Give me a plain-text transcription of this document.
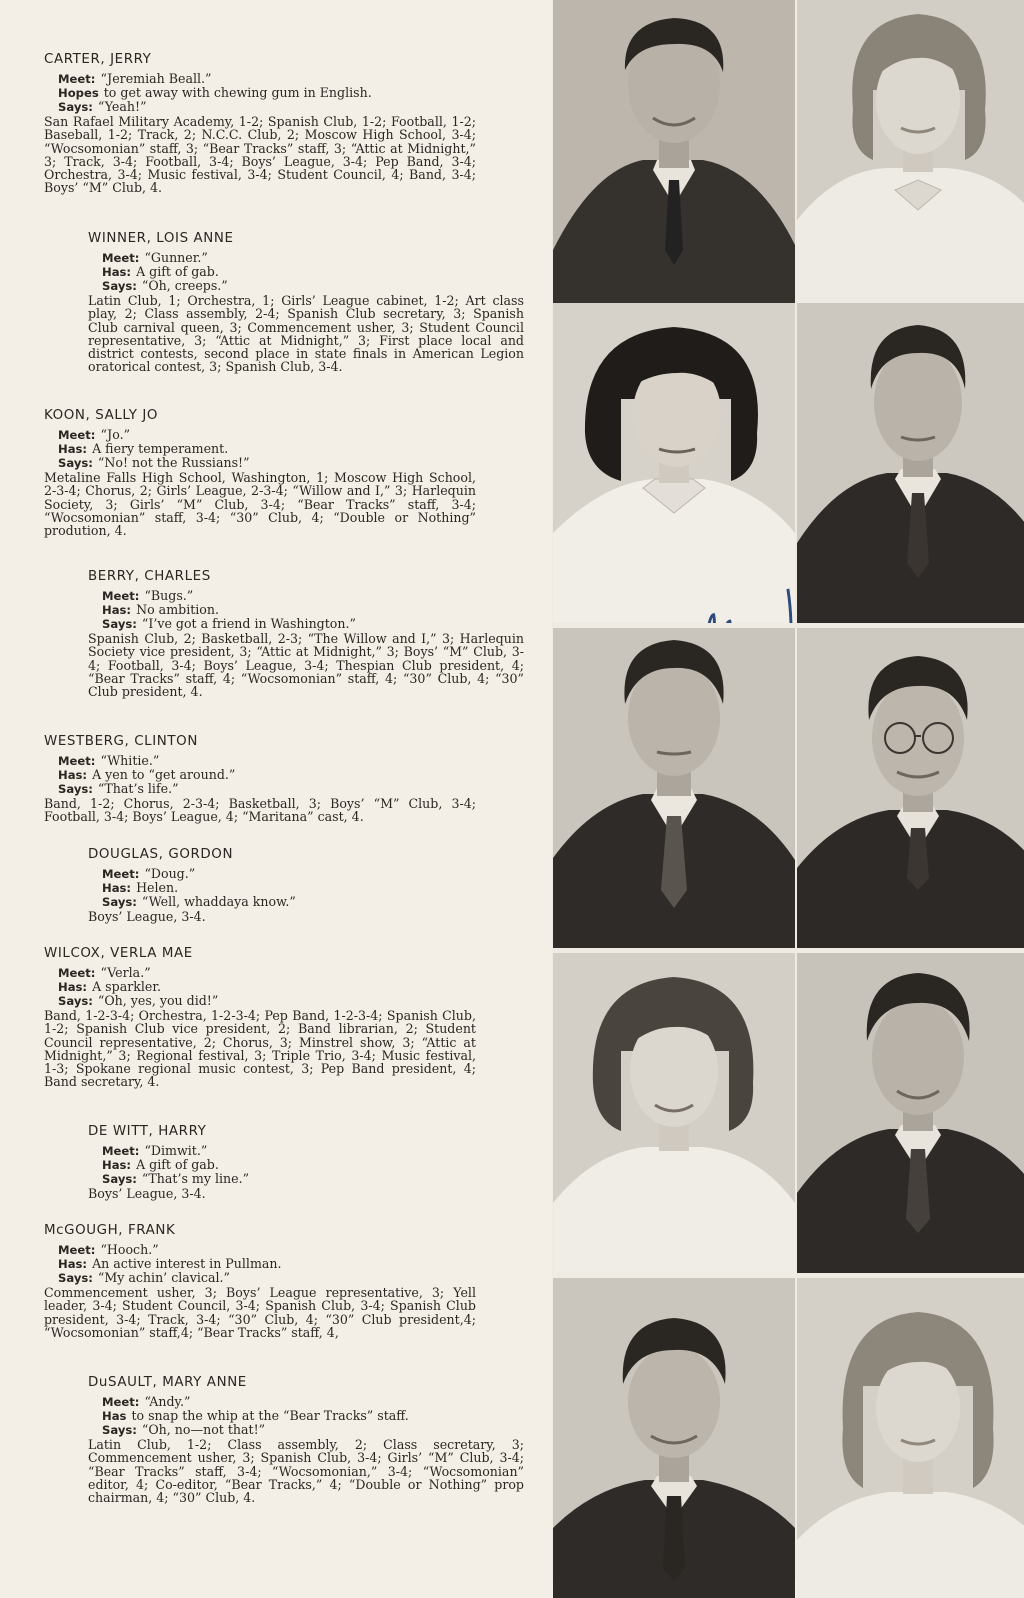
CARTER, JERRY
Meet: “Jeremiah Beall.”
Hopes to get away with chewing gum in English.
Says: “Yeah!”
San Rafael Military Academy, 1-2; Spanish Club, 1-2; Football, 1-2; Baseball, 1-2; Track, 2; N.C.C. Club, 2; Moscow High School, 3-4; “Wocsomonian” staff, 3; “Bear Tracks” staff, 3; “Attic at Midnight,” 3; Track, 3-4; Football, 3-4; Boys’ League, 3-4; Pep Band, 3-4; Orchestra, 3-4; Music festival, 3-4; Student Council, 4; Band, 3-4; Boys’ “M” Club, 4.
WINNER, LOIS ANNE
Meet: “Gunner.”
Has: A gift of gab.
Says: “Oh, creeps.”
Latin Club, 1; Orchestra, 1; Girls’ League cabinet, 1-2; Art class play, 2; Class assembly, 2-4; Spanish Club secretary, 3; Spanish Club carnival queen, 3; Commencement usher, 3; Student Council representative, 3; “Attic at Midnight,” 3; First place local and district contests, second place in state finals in American Legion oratorical contest, 3; Spanish Club, 3-4.
KOON, SALLY JO
Meet: “Jo.”
Has: A fiery temperament.
Says: “No! not the Russians!”
Metaline Falls High School, Washington, 1; Moscow High School, 2-3-4; Chorus, 2; Girls’ League, 2-3-4; “Willow and I,” 3; Harlequin Society, 3; Girls’ “M” Club, 3-4; “Bear Tracks” staff, 3-4; “Wocsomonian” staff, 3-4; “30” Club, 4; “Double or Nothing” prodution, 4.
BERRY, CHARLES
Meet: “Bugs.”
Has: No ambition.
Says: “I’ve got a friend in Washington.”
Spanish Club, 2; Basketball, 2-3; “The Willow and I,” 3; Harlequin Society vice president, 3; “Attic at Midnight,” 3; Boys’ “M” Club, 3-4; Football, 3-4; Boys’ League, 3-4; Thespian Club president, 4; “Bear Tracks” staff, 4; “Wocsomonian” staff, 4; “30” Club, 4; “30” Club president, 4.
WESTBERG, CLINTON
Meet: “Whitie.”
Has: A yen to “get around.”
Says: “That’s life.”
Band, 1-2; Chorus, 2-3-4; Basketball, 3; Boys’ “M” Club, 3-4; Football, 3-4; Boys’ League, 4; “Maritana” cast, 4.
DOUGLAS, GORDON
Meet: “Doug.”
Has: Helen.
Says: “Well, whaddaya know.”
Boys’ League, 3-4.
WILCOX, VERLA MAE
Meet: “Verla.”
Has: A sparkler.
Says: “Oh, yes, you did!”
Band, 1-2-3-4; Orchestra, 1-2-3-4; Pep Band, 1-2-3-4; Spanish Club, 1-2; Spanish Club vice president, 2; Band librarian, 2; Student Council representative, 2; Chorus, 3; Minstrel show, 3; “Attic at Midnight,” 3; Regional festival, 3; Triple Trio, 3-4; Music festival, 1-3; Spokane regional music contest, 3; Pep Band president, 4; Band secretary, 4.
DE WITT, HARRY
Meet: “Dimwit.”
Has: A gift of gab.
Says: “That’s my line.”
Boys’ League, 3-4.
McGOUGH, FRANK
Meet: “Hooch.”
Has: An active interest in Pullman.
Says: “My achin’ clavical.”
Commencement usher, 3; Boys’ League representative, 3; Yell leader, 3-4; Student Council, 3-4; Spanish Club, 3-4; Spanish Club president, 3-4; Track, 3-4; “30” Club, 4; “30” Club president,4; “Wocsomonian” staff,4; “Bear Tracks” staff, 4,
DuSAULT, MARY ANNE
Meet: “Andy.”
Has to snap the whip at the “Bear Tracks” staff.
Says: “Oh, no—not that!”
Latin Club, 1-2; Class assembly, 2; Class secretary, 3; Commencement usher, 3; Spanish Club, 3-4; Girls’ “M” Club, 3-4; “Bear Tracks” staff, 3-4; “Wocsomonian,” 3-4; “Wocsomonian” editor, 4; Co-editor, “Bear Tracks,” 4; “Double or Nothing” prop chairman, 4; “30” Club, 4.
